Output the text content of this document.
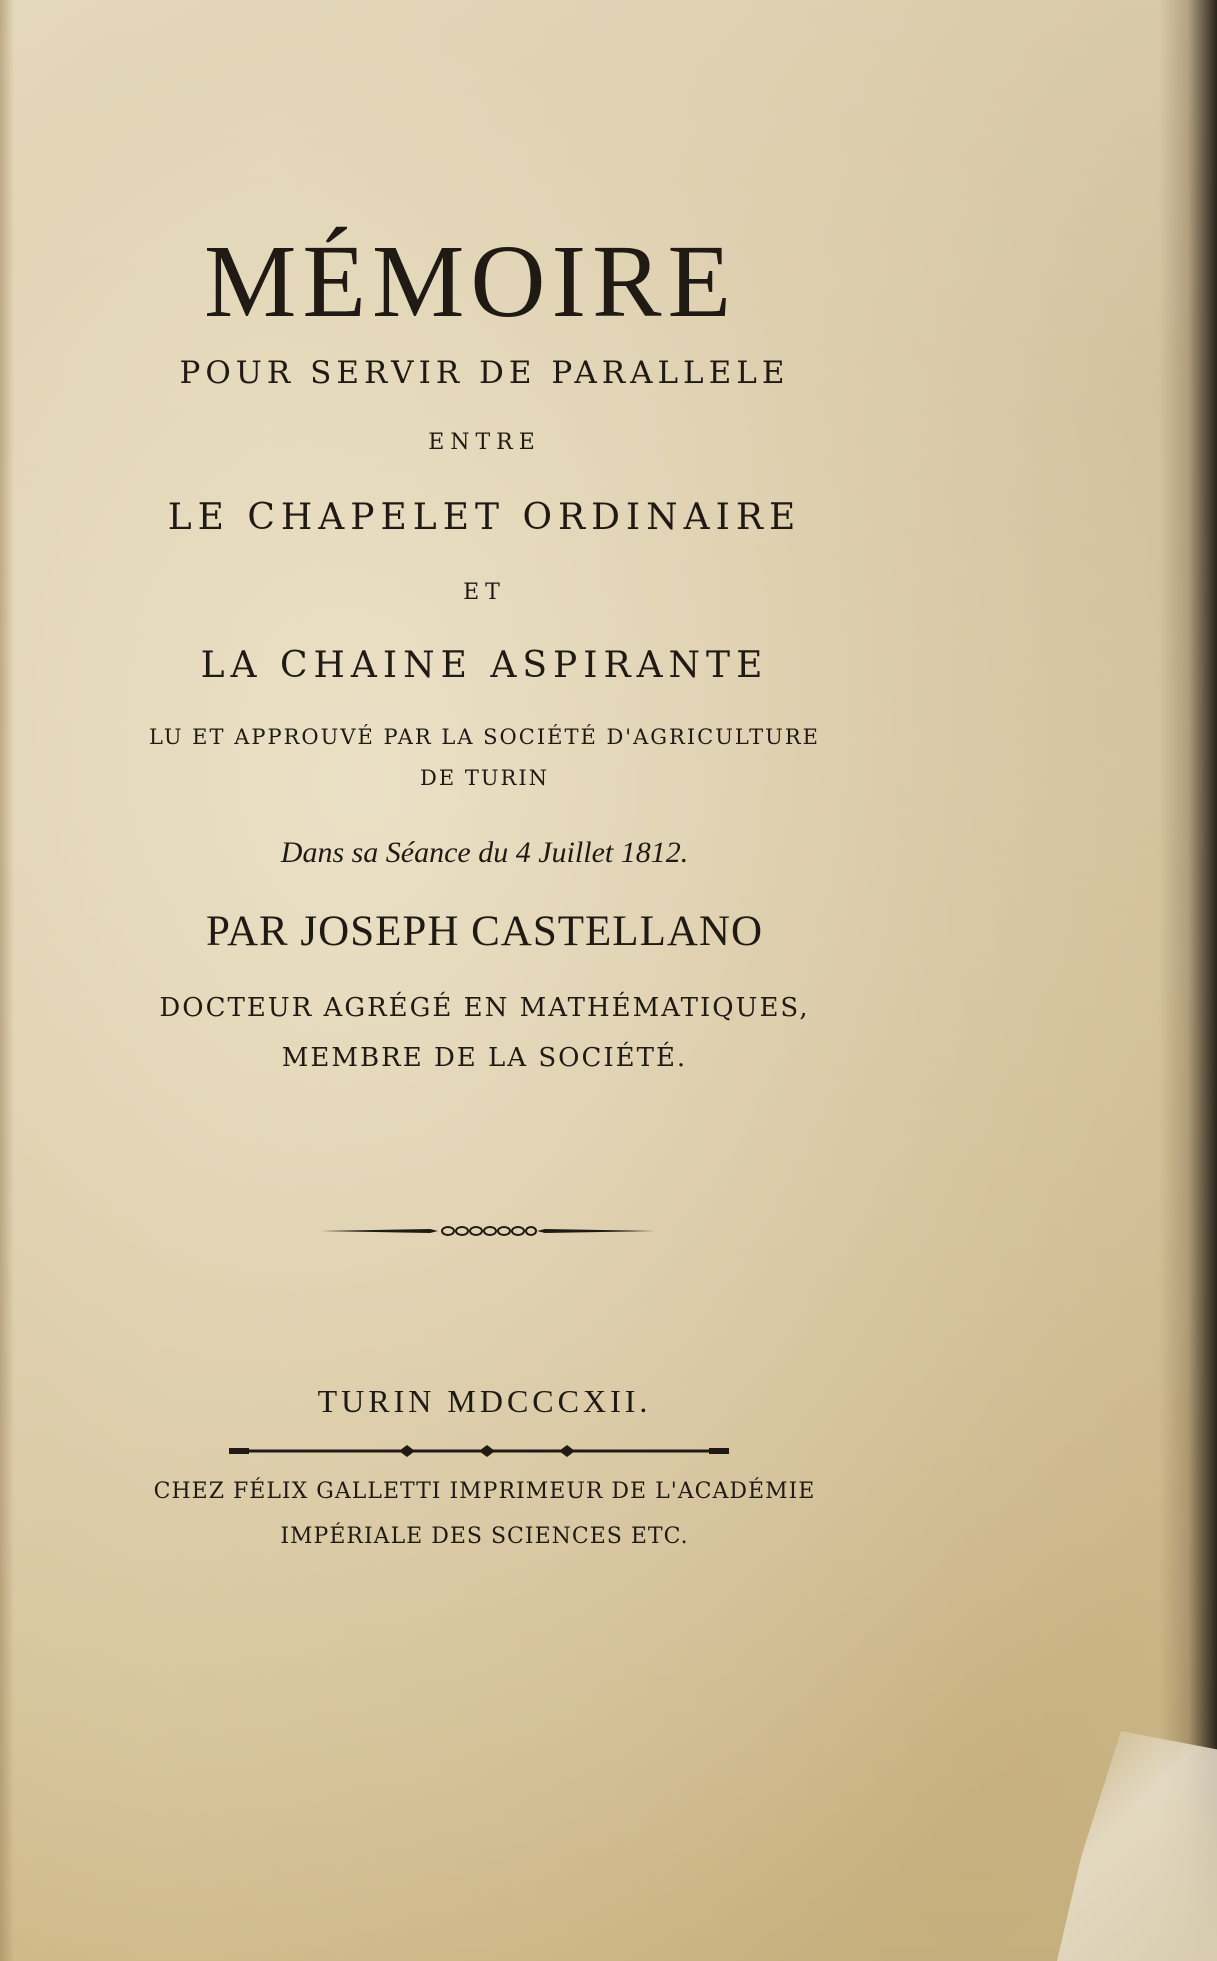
MÉMOIRE
POUR SERVIR DE PARALLELE
ENTRE
LE CHAPELET ORDINAIRE
ET
LA CHAINE ASPIRANTE
LU ET APPROUVÉ PAR LA SOCIÉTÉ D'AGRICULTURE
DE TURIN
Dans sa Séance du 4 Juillet 1812.
PAR JOSEPH CASTELLANO
DOCTEUR AGRÉGÉ EN MATHÉMATIQUES,
MEMBRE DE LA SOCIÉTÉ.
TURIN MDCCCXII.
CHEZ FÉLIX GALLETTI IMPRIMEUR DE L'ACADÉMIE
IMPÉRIALE DES SCIENCES ETC.
